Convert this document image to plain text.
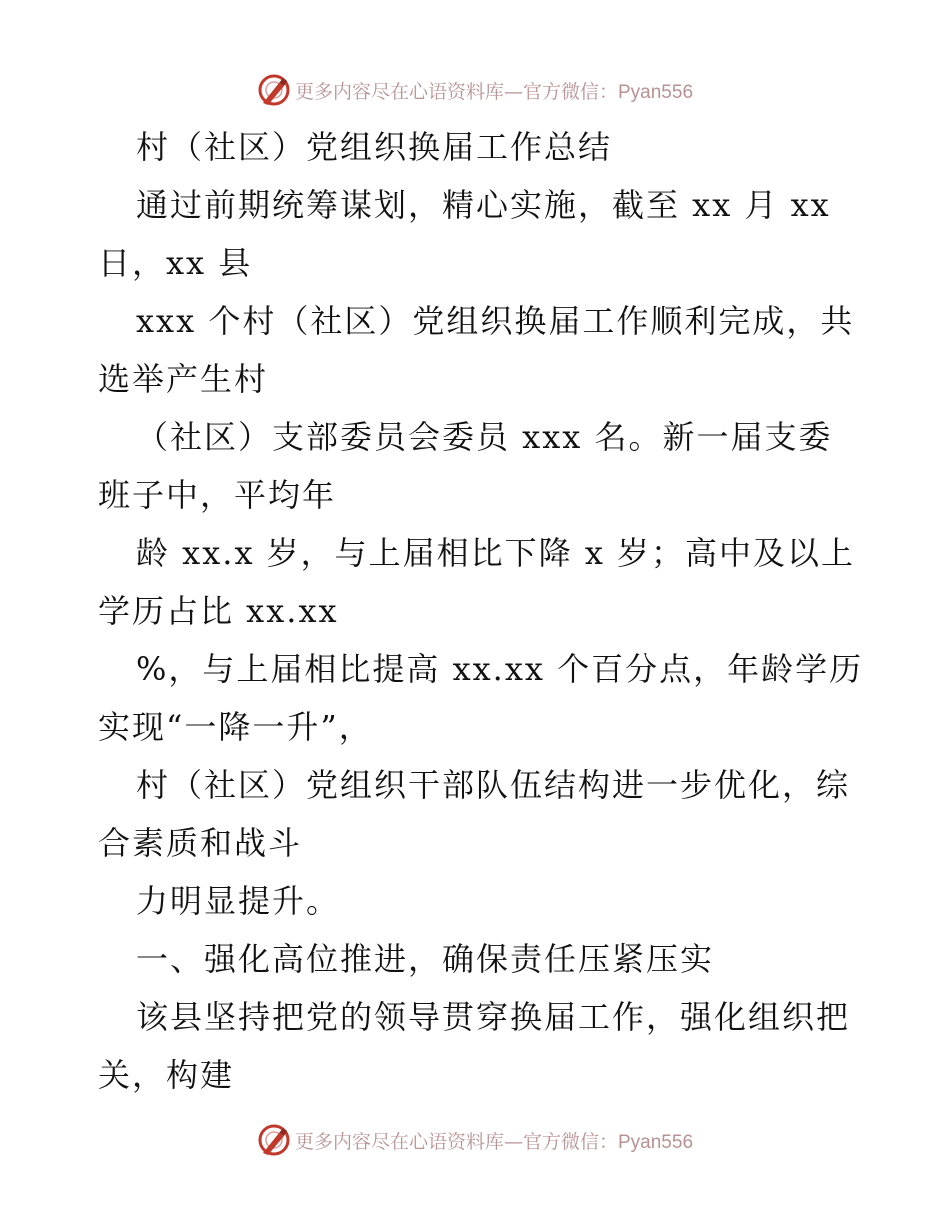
更多内容尽在心语资料库—官方微信：Pyan556
村（社区）党组织换届工作总结
通过前期统筹谋划，精心实施，截至 xx 月 xx
日，xx 县
xxx 个村（社区）党组织换届工作顺利完成，共
选举产生村
（社区）支部委员会委员 xxx 名。新一届支委
班子中，平均年
龄 xx.x 岁，与上届相比下降 x 岁；高中及以上
学历占比 xx.xx
%，与上届相比提高 xx.xx 个百分点，年龄学历
实现“一降一升”，
村（社区）党组织干部队伍结构进一步优化，综
合素质和战斗
力明显提升。
一、强化高位推进，确保责任压紧压实
该县坚持把党的领导贯穿换届工作，强化组织把
关，构建
更多内容尽在心语资料库—官方微信：Pyan556
